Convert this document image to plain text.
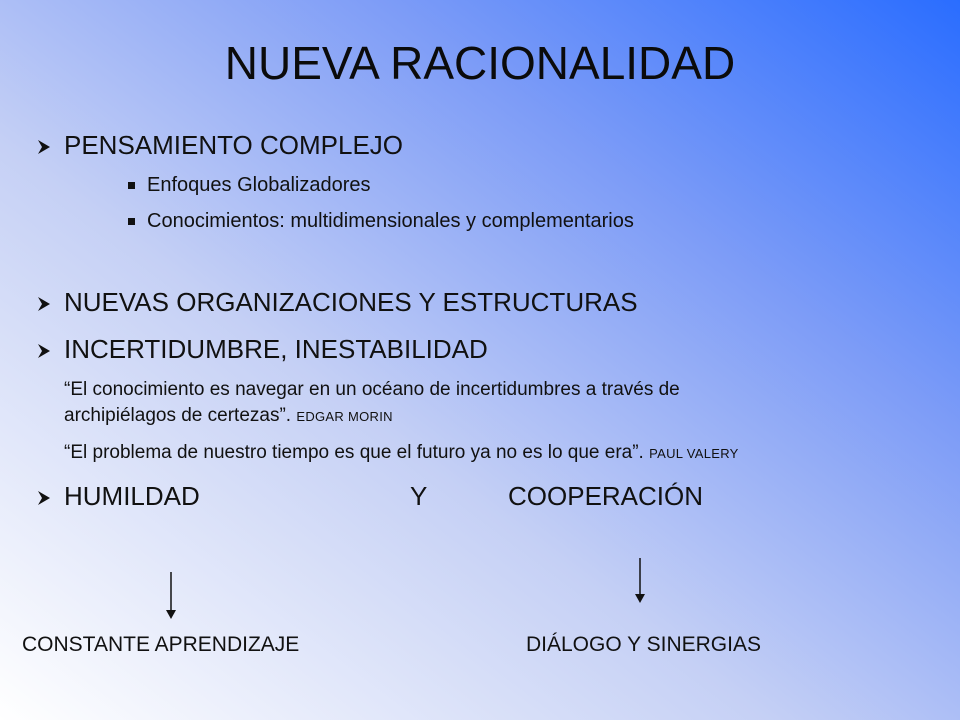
NUEVA RACIONALIDAD
PENSAMIENTO COMPLEJO
Enfoques Globalizadores
Conocimientos: multidimensionales y complementarios
NUEVAS ORGANIZACIONES Y ESTRUCTURAS
INCERTIDUMBRE, INESTABILIDAD
“El conocimiento es navegar en un océano de incertidumbres a través de
archipiélagos de certezas”. EDGAR MORIN
“El problema de nuestro tiempo es que el futuro ya no es lo que era”. PAUL VALERY
HUMILDAD	Y	COOPERACIÓN
CONSTANTE APRENDIZAJE	DIÁLOGO Y SINERGIAS
